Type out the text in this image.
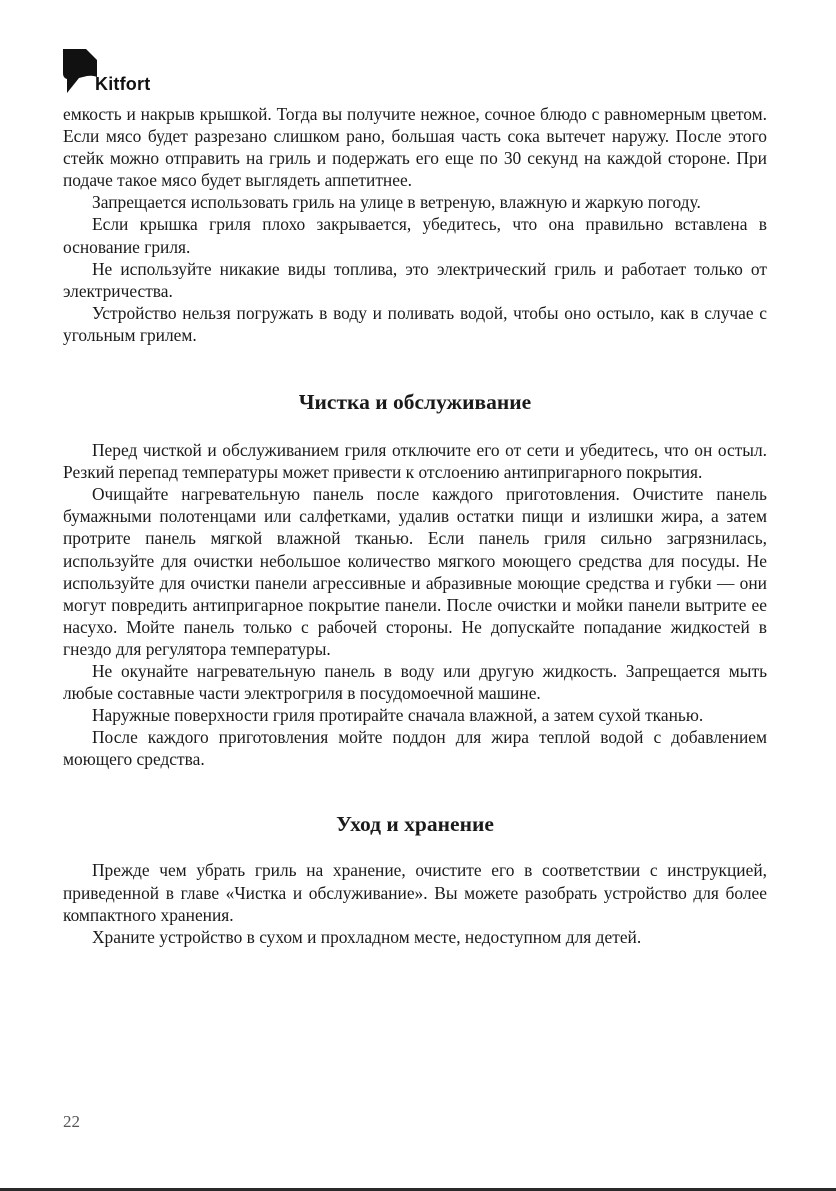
Kitfort

емкость и накрыв крышкой. Тогда вы получите нежное, сочное блюдо с равномерным цветом. Если мясо будет разрезано слишком рано, большая часть сока вытечет наружу. После этого стейк можно отправить на гриль и подержать его еще по 30 секунд на каждой стороне. При подаче такое мясо будет выглядеть аппетитнее.

Запрещается использовать гриль на улице в ветреную, влажную и жаркую погоду.

Если крышка гриля плохо закрывается, убедитесь, что она правильно вставлена в основание гриля.

Не используйте никакие виды топлива, это электрический гриль и работает только от электричества.

Устройство нельзя погружать в воду и поливать водой, чтобы оно остыло, как в случае с угольным грилем.

Чистка и обслуживание

Перед чисткой и обслуживанием гриля отключите его от сети и убедитесь, что он остыл. Резкий перепад температуры может привести к отслоению антипригарного покрытия.

Очищайте нагревательную панель после каждого приготовления. Очистите панель бумажными полотенцами или салфетками, удалив остатки пищи и излишки жира, а затем протрите панель мягкой влажной тканью. Если панель гриля сильно загрязнилась, используйте для очистки небольшое количество мягкого моющего средства для посуды. Не используйте для очистки панели агрессивные и абразивные моющие средства и губки — они могут повредить антипригарное покрытие панели. После очистки и мойки панели вытрите ее насухо. Мойте панель только с рабочей стороны. Не допускайте попадание жидкостей в гнездо для регулятора температуры.

Не окунайте нагревательную панель в воду или другую жидкость. Запрещается мыть любые составные части электрогриля в посудомоечной машине.

Наружные поверхности гриля протирайте сначала влажной, а затем сухой тканью.

После каждого приготовления мойте поддон для жира теплой водой с добавлением моющего средства.

Уход и хранение

Прежде чем убрать гриль на хранение, очистите его в соответствии с инструкцией, приведенной в главе «Чистка и обслуживание». Вы можете разобрать устройство для более компактного хранения.

Храните устройство в сухом и прохладном месте, недоступном для детей.

22
